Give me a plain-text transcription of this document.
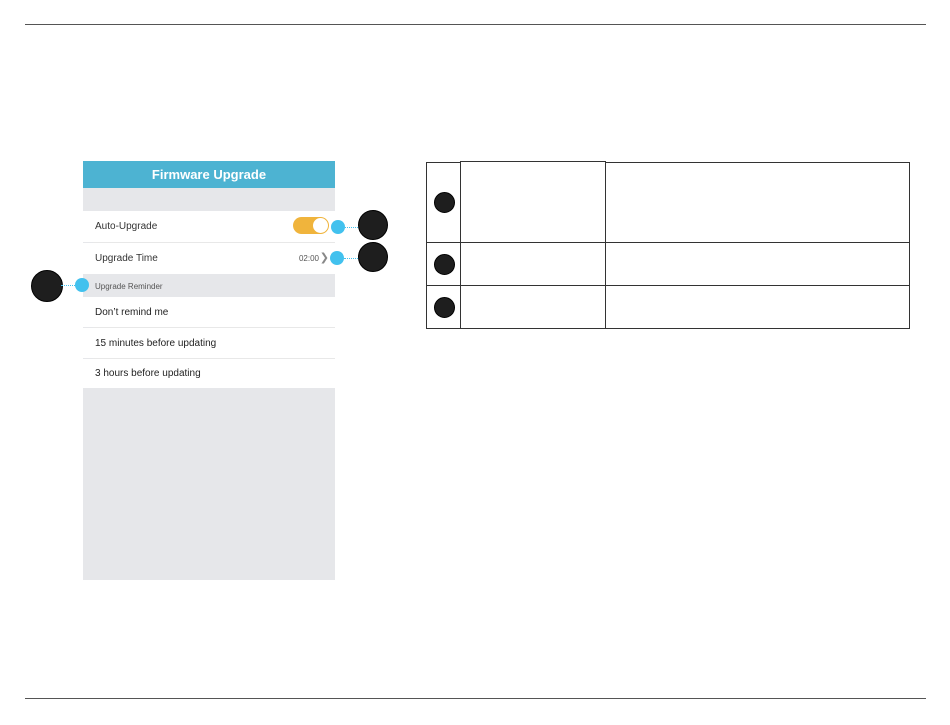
Firmware Upgrade
Auto-Upgrade
Upgrade Time	02:00 ❯
Upgrade Reminder
Don’t remind me
15 minutes before updating
3 hours before updating
